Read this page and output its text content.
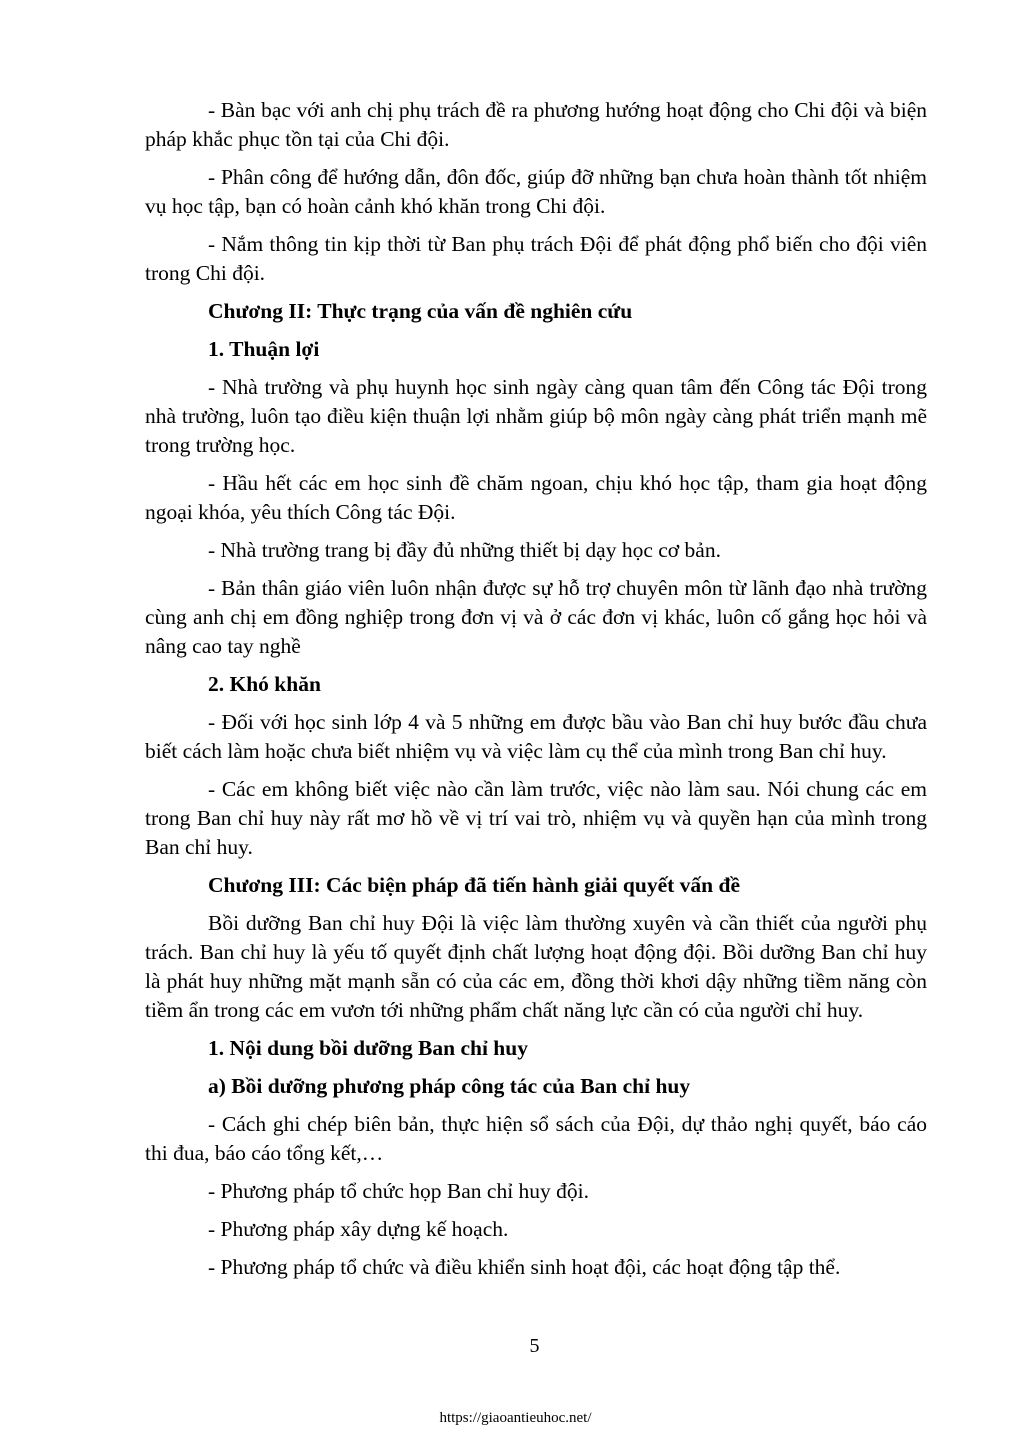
- Bàn bạc với anh chị phụ trách đề ra phương hướng hoạt động cho Chi đội và biện pháp khắc phục tồn tại của Chi đội.

- Phân công để hướng dẫn, đôn đốc, giúp đỡ những bạn chưa hoàn thành tốt nhiệm vụ học tập, bạn có hoàn cảnh khó khăn trong Chi đội.

- Nắm thông tin kịp thời từ Ban phụ trách Đội để phát động phổ biến cho đội viên trong Chi đội.

Chương II: Thực trạng của vấn đề nghiên cứu

1. Thuận lợi

- Nhà trường và phụ huynh học sinh ngày càng quan tâm đến Công tác Đội trong nhà trường, luôn tạo điều kiện thuận lợi nhằm giúp bộ môn ngày càng phát triển mạnh mẽ trong trường học.

- Hầu hết các em học sinh đề chăm ngoan, chịu khó học tập, tham gia hoạt động ngoại khóa, yêu thích Công tác Đội.

- Nhà trường trang bị đầy đủ những thiết bị dạy học cơ bản.

- Bản thân giáo viên luôn nhận được sự hỗ trợ chuyên môn từ lãnh đạo nhà trường cùng anh chị em đồng nghiệp trong đơn vị và ở các đơn vị khác, luôn cố gắng học hỏi và nâng cao tay nghề

2. Khó khăn

- Đối với học sinh lớp 4 và 5 những em được bầu vào Ban chỉ huy bước đầu chưa biết cách làm hoặc chưa biết nhiệm vụ và việc làm cụ thể của mình trong Ban chỉ huy.

- Các em không biết việc nào cần làm trước, việc nào làm sau. Nói chung các em trong Ban chỉ huy này rất mơ hồ về vị trí vai trò, nhiệm vụ và quyền hạn của mình trong Ban chỉ huy.

Chương III: Các biện pháp đã tiến hành giải quyết vấn đề

Bồi dưỡng Ban chỉ huy Đội là việc làm thường xuyên và cần thiết của người phụ trách. Ban chỉ huy là yếu tố quyết định chất lượng hoạt động đội. Bồi dưỡng Ban chỉ huy là phát huy những mặt mạnh sẵn có của các em, đồng thời khơi dậy những tiềm năng còn tiềm ẩn trong các em vươn tới những phẩm chất năng lực cần có của người chỉ huy.

1. Nội dung bồi dưỡng Ban chỉ huy

a) Bồi dưỡng phương pháp công tác của Ban chỉ huy

- Cách ghi chép biên bản, thực hiện sổ sách của Đội, dự thảo nghị quyết, báo cáo thi đua, báo cáo tổng kết,…

- Phương pháp tổ chức họp Ban chỉ huy đội.

- Phương pháp xây dựng kế hoạch.

- Phương pháp tổ chức và điều khiển sinh hoạt đội, các hoạt động tập thể.

5
https://giaoantieuhoc.net/
